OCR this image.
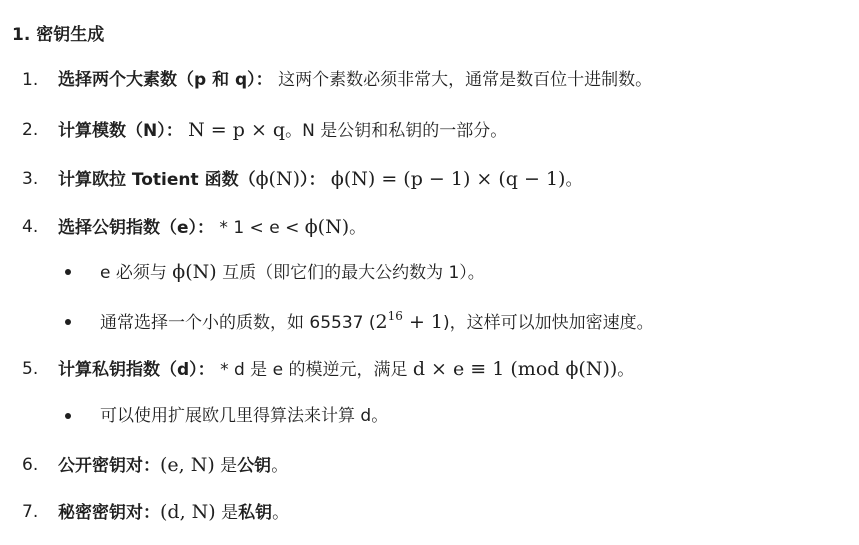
1. 密钥生成
1.	选择两个大素数（p 和 q）： 这两个素数必须非常大，通常是数百位十进制数。
2.	计算模数（N）： N = p × q。N 是公钥和私钥的一部分。
3.	计算欧拉 Totient 函数（ϕ(N)）： ϕ(N) = (p − 1) × (q − 1)。
4.	选择公钥指数（e）： * 1 < e < ϕ(N)。
e 必须与 ϕ(N) 互质（即它们的最大公约数为 1）。
通常选择一个小的质数，如 65537 $(2^{16} + 1)$，这样可以加快加密速度。
5.	计算私钥指数（d）： * d 是 e 的模逆元，满足 d × e ≡ 1 (mod ϕ(N))。
可以使用扩展欧几里得算法来计算 d。
6.	公开密钥对：(e, N) 是公钥。
7.	秘密密钥对：(d, N) 是私钥。
